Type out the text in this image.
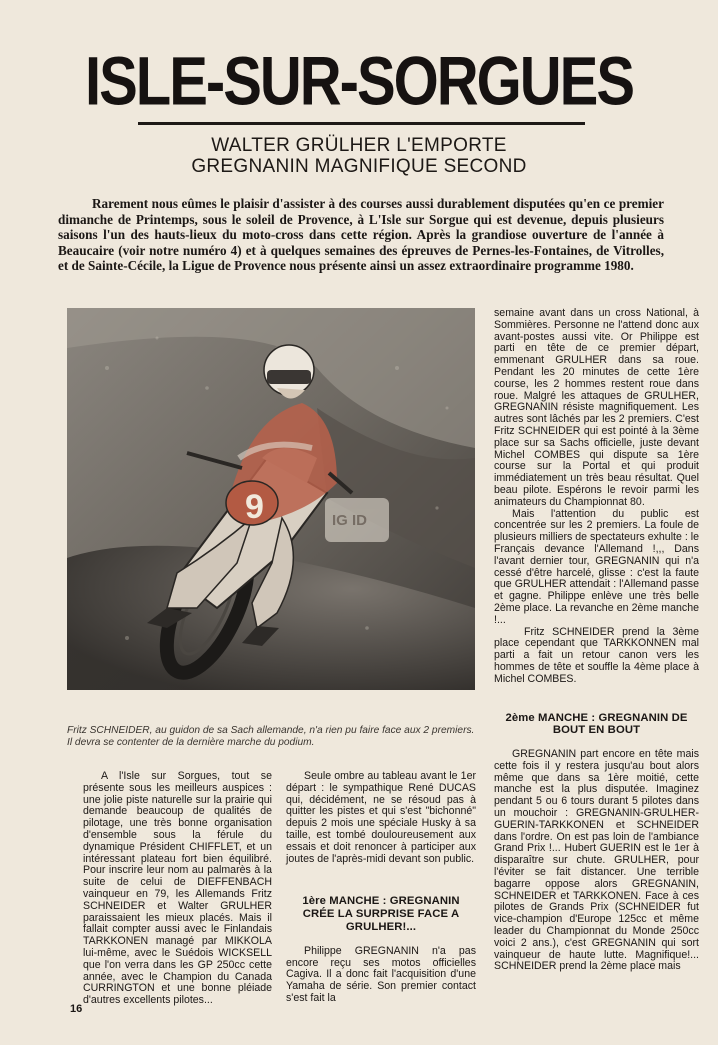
ISLE-SUR-SORGUES
WALTER GRÜLHER L'EMPORTE
GREGNANIN MAGNIFIQUE SECOND
Rarement nous eûmes le plaisir d'assister à des courses aussi durablement disputées qu'en ce premier dimanche de Printemps, sous le soleil de Provence, à L'Isle sur Sorgue qui est devenue, depuis plusieurs saisons l'un des hauts-lieux du moto-cross dans cette région. Après la grandiose ouverture de l'année à Beaucaire (voir notre numéro 4) et à quelques semaines des épreuves de Pernes-les-Fontaines, de Vitrolles, et de Sainte-Cécile, la Ligue de Provence nous présente ainsi un assez extraordinaire programme 1980.
9	IG ID
Fritz SCHNEIDER, au guidon de sa Sach allemande, n'a rien pu faire face aux 2 premiers. Il devra se contenter de la dernière marche du podium.

semaine avant dans un cross National, à Sommières. Personne ne l'attend donc aux avant-postes aussi vite. Or Philippe est parti en tête de ce premier départ, emmenant GRULHER dans sa roue. Pendant les 20 minutes de cette 1ère course, les 2 hommes restent roue dans roue. Malgré les attaques de GRULHER, GREGNANIN résiste magnifiquement. Les autres sont lâchés par les 2 premiers. C'est Fritz SCHNEIDER qui est pointé à la 3ème place sur sa Sachs officielle, juste devant Michel COMBES qui dispute sa 1ère course sur la Portal et qui produit immédiatement un très beau résultat. Quel beau pilote. Espérons le revoir parmi les animateurs du Championnat 80.

Mais l'attention du public est concentrée sur les 2 premiers. La foule de plusieurs milliers de spectateurs exhulte : le Français devance l'Allemand !,,, Dans l'avant dernier tour, GREGNANIN qui n'a cessé d'être harcelé, glisse : c'est la faute que GRULHER attendait : l'Allemand passe et gagne. Philippe enlève une très belle 2ème place. La revanche en 2ème manche !...

Fritz SCHNEIDER prend la 3ème place cependant que TARKKONNEN mal parti a fait un retour canon vers les hommes de tête et souffle la 4ème place à Michel COMBES.

2ème MANCHE : GREGNANIN DE BOUT EN BOUT

GREGNANIN part encore en tête mais cette fois il y restera jusqu'au bout alors même que dans sa 1ère moitié, cette manche est la plus disputée. Imaginez pendant 5 ou 6 tours durant 5 pilotes dans un mouchoir : GREGNANIN-GRULHER-GUERIN-TARKKONEN et SCHNEIDER dans l'ordre. On est pas loin de l'ambiance Grand Prix !... Hubert GUERIN est le 1er à disparaître sur chute. GRULHER, pour l'éviter se fait distancer. Une terrible bagarre oppose alors GREGNANIN, SCHNEIDER et TARKKONEN. Face à ces pilotes de Grands Prix (SCHNEIDER fut vice-champion d'Europe 125cc et même leader du Championnat du Monde 250cc voici 2 ans.), c'est GREGNANIN qui sort vainqueur de haute lutte. Magnifique!... SCHNEIDER prend la 2ème place mais

A l'Isle sur Sorgues, tout se présente sous les meilleurs auspices : une jolie piste naturelle sur la prairie qui demande beaucoup de qualités de pilotage, une très bonne organisation d'ensemble sous la férule du dynamique Président CHIFFLET, et un intéressant plateau fort bien équilibré. Pour inscrire leur nom au palmarès à la suite de celui de DIEFFENBACH vainqueur en 79, les Allemands Fritz SCHNEIDER et Walter GRULHER paraissaient les mieux placés. Mais il fallait compter aussi avec le Finlandais TARKKONEN managé par MIKKOLA lui-même, avec le Suédois WICKSELL que l'on verra dans les GP 250cc cette année, avec le Champion du Canada CURRINGTON et une bonne pléiade d'autres excellents pilotes...

Seule ombre au tableau avant le 1er départ : le sympathique René DUCAS qui, décidément, ne se résoud pas à quitter les pistes et qui s'est "bichonné" depuis 2 mois une spéciale Husky à sa taille, est tombé douloureusement aux essais et doit renoncer à participer aux joutes de l'après-midi devant son public.

1ère MANCHE : GREGNANIN CRÉE LA SURPRISE FACE A GRULHER!...

Philippe GREGNANIN n'a pas encore reçu ses motos officielles Cagiva. Il a donc fait l'acquisition d'une Yamaha de série. Son premier contact s'est fait la

16
